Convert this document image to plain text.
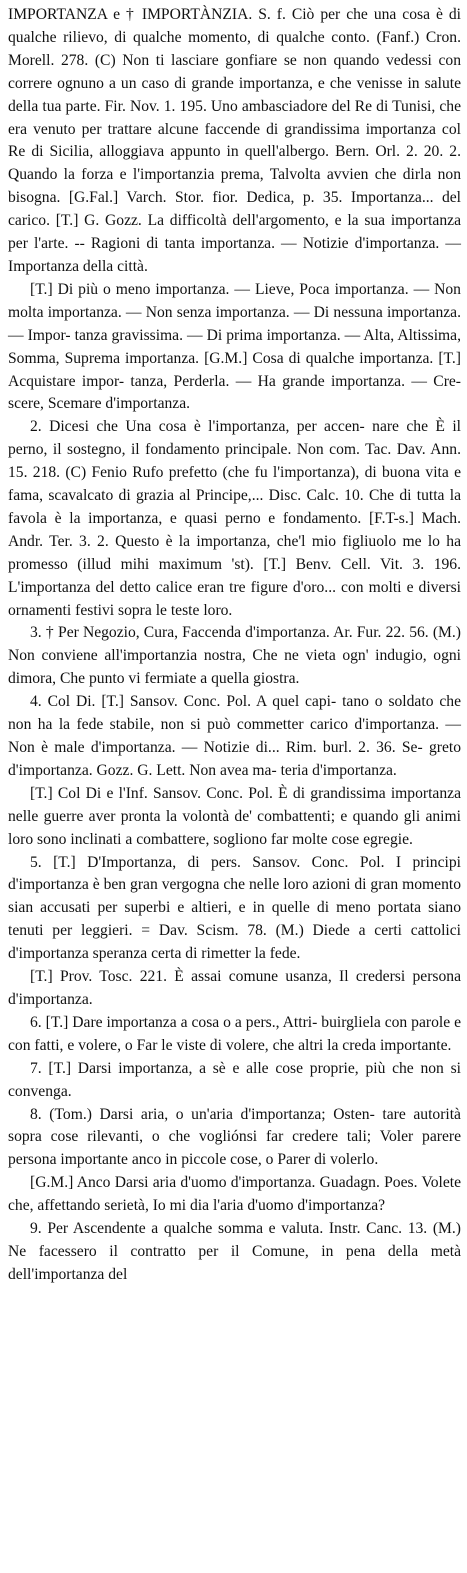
IMPORTANZA e † IMPORTÀNZIA. S. f. Ciò per che una cosa è di qualche rilievo, di qualche momento, di qualche conto. (Fanf.) Cron. Morell. 278. (C) Non ti lasciare gonfiare se non quando vedessi con correre ognuno a un caso di grande importanza, e che venisse in salute della tua parte. Fir. Nov. 1. 195. Uno ambasciadore del Re di Tunisi, che era venuto per trattare alcune faccende di grandissima importanza col Re di Sicilia, alloggiava appunto in quell'albergo. Bern. Orl. 2. 20. 2. Quando la forza e l'importanzia prema, Talvolta avvien che dirla non bisogna. [G.Fal.] Varch. Stor. fior. Dedica, p. 35. Importanza... del carico. [T.] G. Gozz. La difficoltà dell'argomento, e la sua importanza per l'arte. -- Ragioni di tanta importanza. — Notizie d'importanza. — Importanza della città.
[T.] Di più o meno importanza. — Lieve, Poca importanza. — Non molta importanza. — Non senza importanza. — Di nessuna importanza. — Impor- tanza gravissima. — Di prima importanza. — Alta, Altissima, Somma, Suprema importanza. [G.M.] Cosa di qualche importanza. [T.] Acquistare impor- tanza, Perderla. — Ha grande importanza. — Cre- scere, Scemare d'importanza.
2. Dicesi che Una cosa è l'importanza, per accen- nare che È il perno, il sostegno, il fondamento principale. Non com. Tac. Dav. Ann. 15. 218. (C) Fenio Rufo prefetto (che fu l'importanza), di buona vita e fama, scavalcato di grazia al Principe,... Disc. Calc. 10. Che di tutta la favola è la importanza, e quasi perno e fondamento. [F.T-s.] Mach. Andr. Ter. 3. 2. Questo è la importanza, che'l mio figliuolo me lo ha promesso (illud mihi maximum 'st). [T.] Benv. Cell. Vit. 3. 196. L'importanza del detto calice eran tre figure d'oro... con molti e diversi ornamenti festivi sopra le teste loro.
3. † Per Negozio, Cura, Faccenda d'importanza. Ar. Fur. 22. 56. (M.) Non conviene all'importanzia nostra, Che ne vieta ogn' indugio, ogni dimora, Che punto vi fermiate a quella giostra.
4. Col Di. [T.] Sansov. Conc. Pol. A quel capi- tano o soldato che non ha la fede stabile, non si può commetter carico d'importanza. — Non è male d'importanza. — Notizie di... Rim. burl. 2. 36. Se- greto d'importanza. Gozz. G. Lett. Non avea ma- teria d'importanza.
[T.] Col Di e l'Inf. Sansov. Conc. Pol. È di grandissima importanza nelle guerre aver pronta la volontà de' combattenti; e quando gli animi loro sono inclinati a combattere, sogliono far molte cose egregie.
5. [T.] D'Importanza, di pers. Sansov. Conc. Pol. I principi d'importanza è ben gran vergogna che nelle loro azioni di gran momento sian accusati per superbi e altieri, e in quelle di meno portata siano tenuti per leggieri. = Dav. Scism. 78. (M.) Diede a certi cattolici d'importanza speranza certa di rimetter la fede.
[T.] Prov. Tosc. 221. È assai comune usanza, Il credersi persona d'importanza.
6. [T.] Dare importanza a cosa o a pers., Attri- buirgliela con parole e con fatti, e volere, o Far le viste di volere, che altri la creda importante.
7. [T.] Darsi importanza, a sè e alle cose proprie, più che non si convenga.
8. (Tom.) Darsi aria, o un'aria d'importanza; Osten- tare autorità sopra cose rilevanti, o che vogliónsi far credere tali; Voler parere persona importante anco in piccole cose, o Parer di volerlo.
[G.M.] Anco Darsi aria d'uomo d'importanza. Guadagn. Poes. Volete che, affettando serietà, Io mi dia l'aria d'uomo d'importanza?
9. Per Ascendente a qualche somma e valuta. Instr. Canc. 13. (M.) Ne facessero il contratto per il Comune, in pena della metà dell'importanza del
